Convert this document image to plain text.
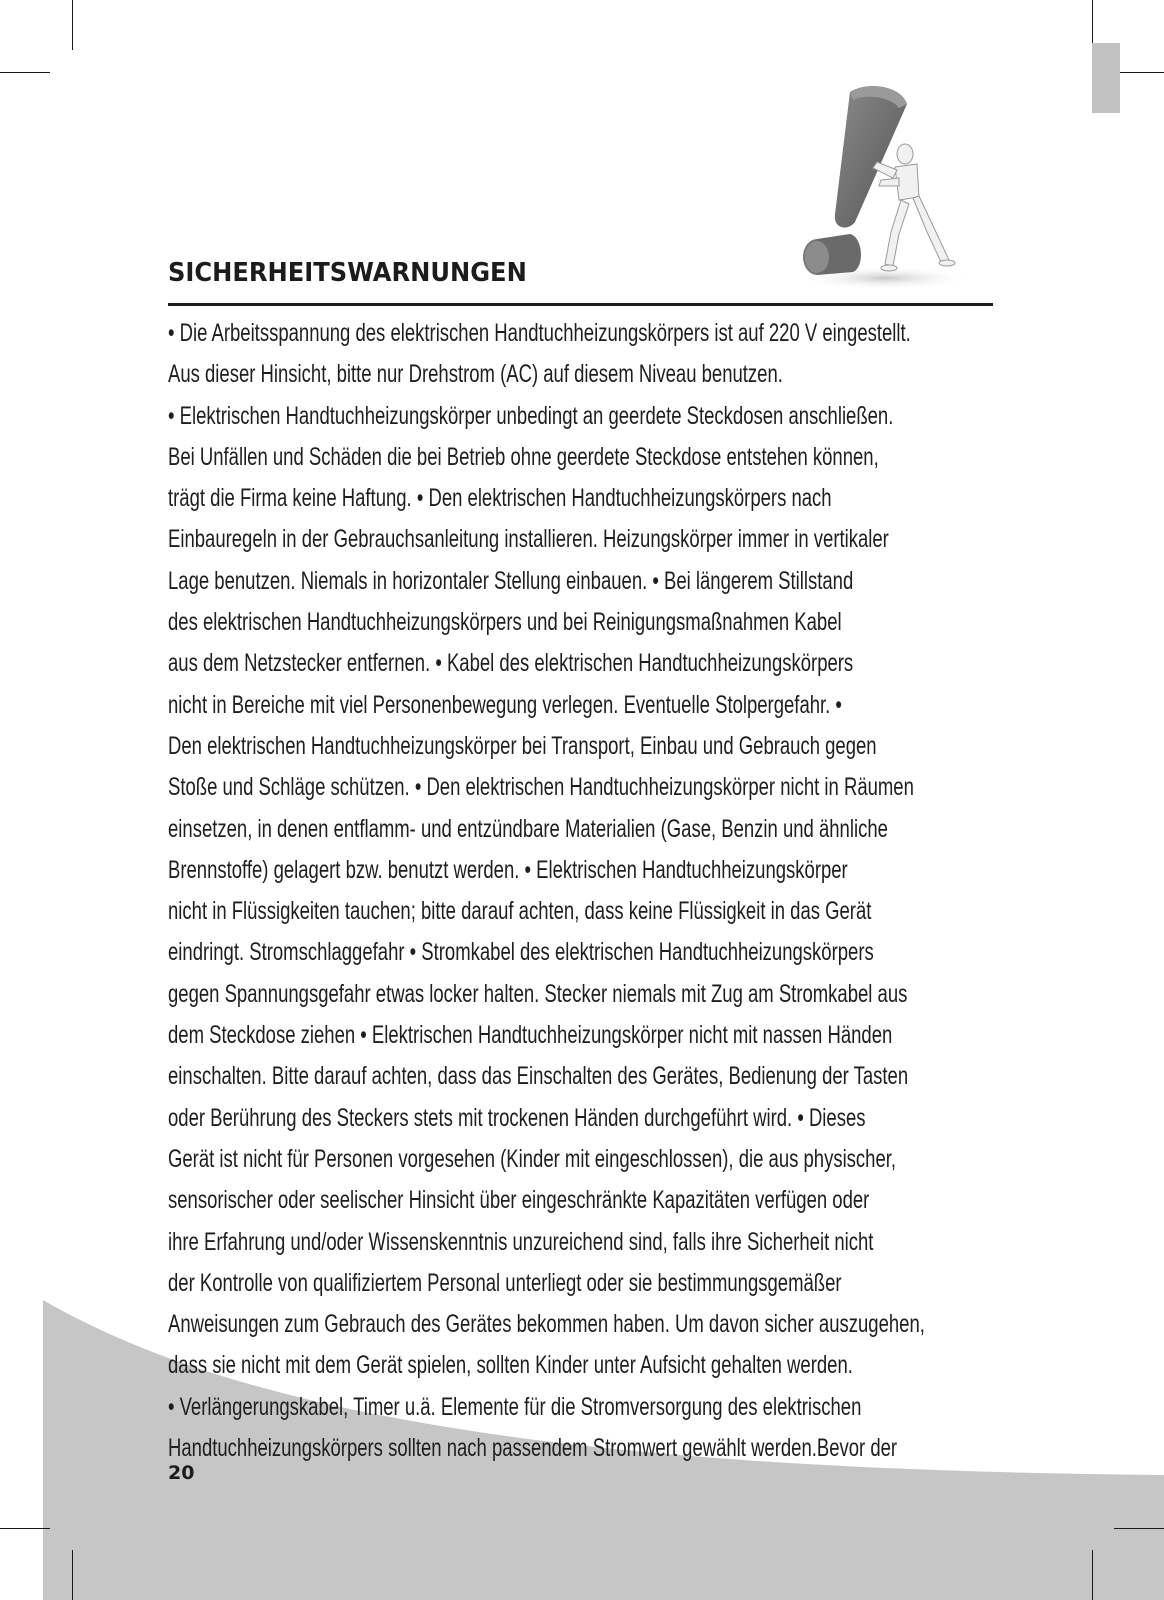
SICHERHEITSWARNUNGEN
• Die Arbeitsspannung des elektrischen Handtuchheizungskörpers ist auf 220 V eingestellt.
Aus dieser Hinsicht, bitte nur Drehstrom (AC) auf diesem Niveau benutzen.
• Elektrischen Handtuchheizungskörper unbedingt an geerdete Steckdosen anschließen.
Bei Unfällen und Schäden die bei Betrieb ohne geerdete Steckdose entstehen können,
trägt die Firma keine Haftung. • Den elektrischen Handtuchheizungskörpers nach
Einbauregeln in der Gebrauchsanleitung installieren. Heizungskörper immer in vertikaler
Lage benutzen. Niemals in horizontaler Stellung einbauen. • Bei längerem Stillstand
des elektrischen Handtuchheizungskörpers und bei Reinigungsmaßnahmen Kabel
aus dem Netzstecker entfernen. • Kabel des elektrischen Handtuchheizungskörpers
nicht in Bereiche mit viel Personenbewegung verlegen. Eventuelle Stolpergefahr. •
Den elektrischen Handtuchheizungskörper bei Transport, Einbau und Gebrauch gegen
Stoße und Schläge schützen. • Den elektrischen Handtuchheizungskörper nicht in Räumen
einsetzen, in denen entflamm- und entzündbare Materialien (Gase, Benzin und ähnliche
Brennstoffe) gelagert bzw. benutzt werden. • Elektrischen Handtuchheizungskörper
nicht in Flüssigkeiten tauchen; bitte darauf achten, dass keine Flüssigkeit in das Gerät
eindringt. Stromschlaggefahr • Stromkabel des elektrischen Handtuchheizungskörpers
gegen Spannungsgefahr etwas locker halten. Stecker niemals mit Zug am Stromkabel aus
dem Steckdose ziehen • Elektrischen Handtuchheizungskörper nicht mit nassen Händen
einschalten. Bitte darauf achten, dass das Einschalten des Gerätes, Bedienung der Tasten
oder Berührung des Steckers stets mit trockenen Händen durchgeführt wird. • Dieses
Gerät ist nicht für Personen vorgesehen (Kinder mit eingeschlossen), die aus physischer,
sensorischer oder seelischer Hinsicht über eingeschränkte Kapazitäten verfügen oder
ihre Erfahrung und/oder Wissenskenntnis unzureichend sind, falls ihre Sicherheit nicht
der Kontrolle von qualifiziertem Personal unterliegt oder sie bestimmungsgemäßer
Anweisungen zum Gebrauch des Gerätes bekommen haben. Um davon sicher auszugehen,
dass sie nicht mit dem Gerät spielen, sollten Kinder unter Aufsicht gehalten werden.
• Verlängerungskabel, Timer u.ä. Elemente für die Stromversorgung des elektrischen
Handtuchheizungskörpers sollten nach passendem Stromwert gewählt werden.Bevor der
20
